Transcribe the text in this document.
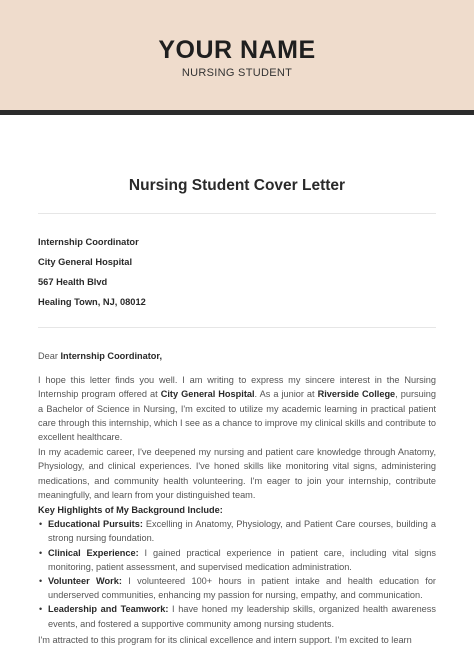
YOUR NAME
NURSING STUDENT
Nursing Student Cover Letter
Internship Coordinator
City General Hospital
567 Health Blvd
Healing Town, NJ, 08012
Dear Internship Coordinator,
I hope this letter finds you well. I am writing to express my sincere interest in the Nursing Internship program offered at City General Hospital. As a junior at Riverside College, pursuing a Bachelor of Science in Nursing, I'm excited to utilize my academic learning in practical patient care through this internship, which I see as a chance to improve my clinical skills and contribute to excellent healthcare.
In my academic career, I've deepened my nursing and patient care knowledge through Anatomy, Physiology, and clinical experiences. I've honed skills like monitoring vital signs, administering medications, and community health volunteering. I'm eager to join your internship, contribute meaningfully, and learn from your distinguished team.
Key Highlights of My Background Include:
• Educational Pursuits: Excelling in Anatomy, Physiology, and Patient Care courses, building a strong nursing foundation.
• Clinical Experience: I gained practical experience in patient care, including vital signs monitoring, patient assessment, and supervised medication administration.
• Volunteer Work: I volunteered 100+ hours in patient intake and health education for underserved communities, enhancing my passion for nursing, empathy, and communication.
• Leadership and Teamwork: I have honed my leadership skills, organized health awareness events, and fostered a supportive community among nursing students.
I'm attracted to this program for its clinical excellence and intern support. I'm excited to learn
